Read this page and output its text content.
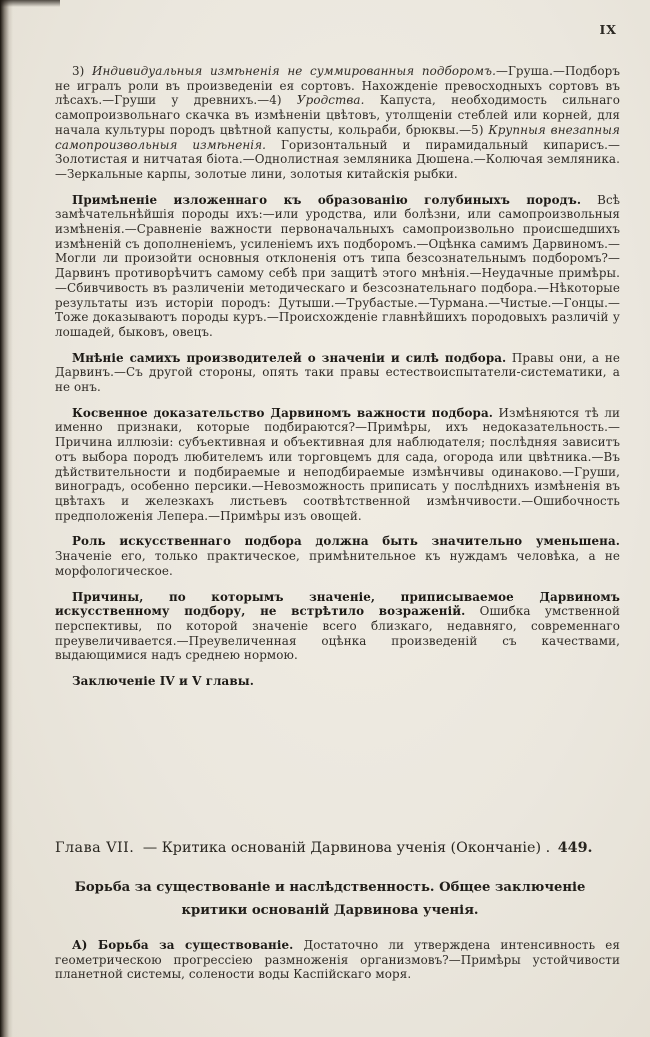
IX

3) Индивидуальныя измѣненія не суммированныя подборомъ.—Груша.—Подборъ не игралъ роли въ произведеніи ея сортовъ. Нахожденіе превосходныхъ сортовъ въ лѣсахъ.—Груши у древнихъ.—4) Уродства. Капуста, необходимость сильнаго самопроизвольнаго скачка въ измѣненіи цвѣтовъ, утолщеніи стеблей или корней, для начала культуры породъ цвѣтной капусты, кольраби, брюквы.—5) Крупныя внезапныя самопроизвольныя измѣненія. Горизонтальный и пирамидальный кипарисъ.—Золотистая и нитчатая біота.—Однолистная земляника Дюшена.—Колючая земляника.—Зеркальные карпы, золотые лини, золотыя китайскія рыбки.

Примѣненіе изложеннаго къ образованію голубиныхъ породъ. Всѣ замѣчательнѣйшія породы ихъ:—или уродства, или болѣзни, или самопроизвольныя измѣненія.—Сравненіе важности первоначальныхъ самопроизвольно происшедшихъ измѣненій съ дополненіемъ, усиленіемъ ихъ подборомъ.—Оцѣнка самимъ Дарвиномъ.—Могли ли произойти основныя отклоненія отъ типа безсознательнымъ подборомъ?—Дарвинъ противорѣчитъ самому себѣ при защитѣ этого мнѣнія.—Неудачные примѣры.—Сбивчивость въ различеніи методическаго и безсознательнаго подбора.—Нѣкоторые результаты изъ исторіи породъ: Дутыши.—Трубастые.—Турмана.—Чистые.—Гонцы.—Тоже доказываютъ породы куръ.—Происхожденіе главнѣйшихъ породовыхъ различій у лошадей, быковъ, овецъ.

Мнѣніе самихъ производителей о значеніи и силѣ подбора. Правы они, а не Дарвинъ.—Съ другой стороны, опять таки правы естествоиспытатели-систематики, а не онъ.

Косвенное доказательство Дарвиномъ важности подбора. Измѣняются тѣ ли именно признаки, которые подбираются?—Примѣры, ихъ недоказательность.—Причина иллюзіи: субъективная и объективная для наблюдателя; послѣдняя зависитъ отъ выбора породъ любителемъ или торговцемъ для сада, огорода или цвѣтника.—Въ дѣйствительности и подбираемые и неподбираемые измѣнчивы одинаково.—Груши, виноградъ, особенно персики.—Невозможность приписать у послѣднихъ измѣненія въ цвѣтахъ и железкахъ листьевъ соотвѣтственной измѣнчивости.—Ошибочность предположенія Лепера.—Примѣры изъ овощей.

Роль искусственнаго подбора должна быть значительно уменьшена. Значеніе его, только практическое, примѣнительное къ нуждамъ человѣка, а не морфологическое.

Причины, по которымъ значеніе, приписываемое Дарвиномъ искусственному подбору, не встрѣтило возраженій. Ошибка умственной перспективы, по которой значеніе всего близкаго, недавняго, современнаго преувеличивается.—Преувеличенная оцѣнка произведеній съ качествами, выдающимися надъ среднею нормою.

Заключеніе IV и V главы.

Глава VII. — Критика основаній Дарвинова ученія (Окончаніе) . 449.
Борьба за существованіе и наслѣдственность. Общее заключеніе
критики основаній Дарвинова ученія.

А) Борьба за существованіе. Достаточно ли утверждена интенсивность ея геометрическою прогрессіею размноженія организмовъ?—Примѣры устойчивости планетной системы, солености воды Каспійскаго моря.
